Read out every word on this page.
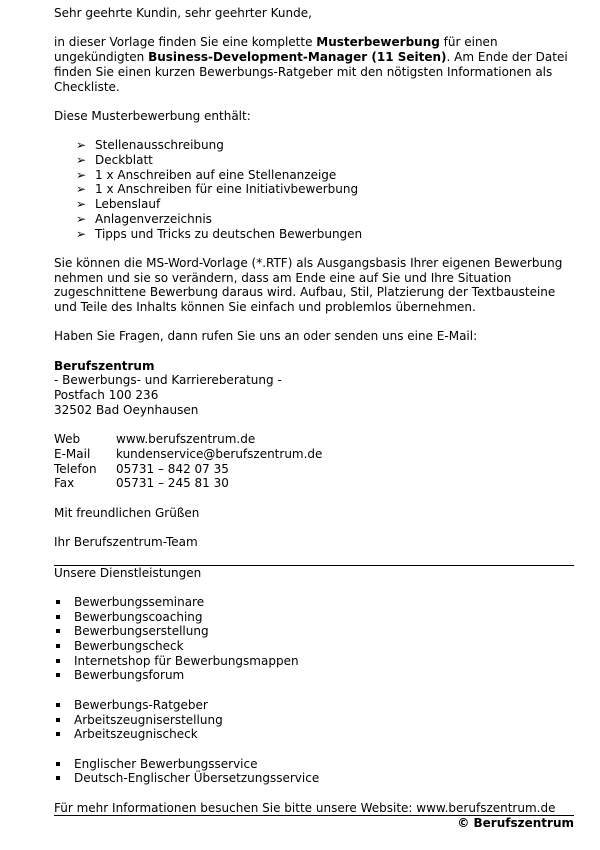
Sehr geehrte Kundin, sehr geehrter Kunde,

in dieser Vorlage finden Sie eine komplette Musterbewerbung für einen ungekündigten Business-Development-Manager (11 Seiten). Am Ende der Datei finden Sie einen kurzen Bewerbungs-Ratgeber mit den nötigsten Informationen als Checkliste.

Diese Musterbewerbung enthält:

➢ Stellenausschreibung
➢ Deckblatt
➢ 1 x Anschreiben auf eine Stellenanzeige
➢ 1 x Anschreiben für eine Initiativbewerbung
➢ Lebenslauf
➢ Anlagenverzeichnis
➢ Tipps und Tricks zu deutschen Bewerbungen

Sie können die MS-Word-Vorlage (*.RTF) als Ausgangsbasis Ihrer eigenen Bewerbung nehmen und sie so verändern, dass am Ende eine auf Sie und Ihre Situation zugeschnittene Bewerbung daraus wird. Aufbau, Stil, Platzierung der Textbausteine und Teile des Inhalts können Sie einfach und problemlos übernehmen.

Haben Sie Fragen, dann rufen Sie uns an oder senden uns eine E-Mail:

Berufszentrum

- Bewerbungs- und Karriereberatung -

Postfach 100 236

32502 Bad Oeynhausen

Web	www.berufszentrum.de
E-Mail	kundenservice@berufszentrum.de
Telefon	05731 – 842 07 35
Fax	05731 – 245 81 30

Mit freundlichen Grüßen

Ihr Berufszentrum-Team

Unsere Dienstleistungen

Bewerbungsseminare
Bewerbungscoaching
Bewerbungserstellung
Bewerbungscheck
Internetshop für Bewerbungsmappen
Bewerbungsforum
Bewerbungs-Ratgeber
Arbeitszeugniserstellung
Arbeitszeugnischeck
Englischer Bewerbungsservice
Deutsch-Englischer Übersetzungsservice

Für mehr Informationen besuchen Sie bitte unsere Website: www.berufszentrum.de

© Berufszentrum
